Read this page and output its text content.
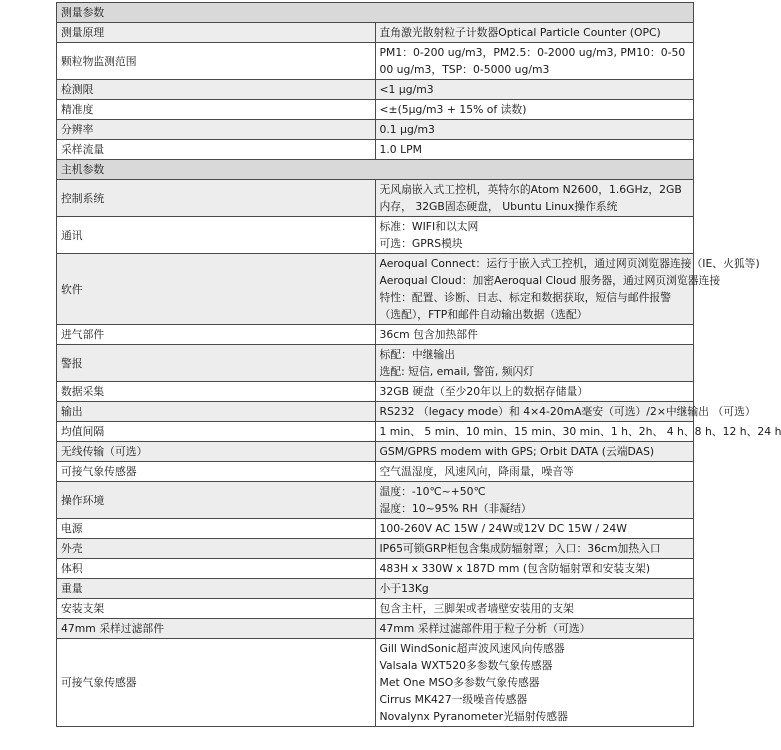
测量参数	
测量原理	直角激光散射粒子计数器Optical Particle Counter (OPC)

颗粒物监测范围	PM1：0-200 ug/m3，PM2.5：0-2000 ug/m3, PM10：0-5000 ug/m3，TSP：0-5000 ug/m3

检测限	<1 μg/m3

精准度	<±(5μg/m3 + 15% of 读数)

分辨率	0.1 μg/m3

采样流量	1.0 LPM

主机参数	
控制系统	无风扇嵌入式工控机，英特尔的Atom N2600，1.6GHz，2GB内存， 32GB固态硬盘， Ubuntu Linux操作系统

通讯	标准：WIFI和以太网
可选：GPRS模块

软件	Aeroqual Connect：运行于嵌入式工控机，通过网页浏览器连接（IE、火狐等)
Aeroqual Cloud：加密Aeroqual Cloud 服务器，通过网页浏览器连接
特性：配置、诊断、日志、标定和数据获取，短信与邮件报警（选配），FTP和邮件自动输出数据（选配）

进气部件	36cm 包含加热部件

警报	标配：中继输出
选配: 短信, email, 警笛, 频闪灯

数据采集	32GB 硬盘（至少20年以上的数据存储量）

输出	RS232 （legacy mode）和 4×4-20mA毫安（可选）/2×中继输出 （可选）

均值间隔	1 min、 5 min、10 min、15 min、30 min、1 h、2h、 4 h、8 h、12 h、24 h

无线传输（可选）	GSM/GPRS modem with GPS; Orbit DATA (云端DAS)

可接气象传感器	空气温湿度，风速风向，降雨量，噪音等

操作环境	温度：-10℃~+50℃
湿度：10~95% RH（非凝结）

电源	100-260V AC 15W / 24W或12V DC 15W / 24W

外壳	IP65可锁GRP柜包含集成防辐射罩；入口：36cm加热入口

体积	483H x 330W x 187D mm (包含防辐射罩和安装支架)

重量	小于13Kg

安装支架	包含主杆，三脚架或者墙壁安装用的支架

47mm 采样过滤部件	47mm 采样过滤部件用于粒子分析（可选）

可接气象传感器	Gill WindSonic超声波风速风向传感器
Valsala WXT520多参数气象传感器
Met One MSO多参数气象传感器
Cirrus MK427一级噪音传感器
Novalynx Pyranometer光辐射传感器
